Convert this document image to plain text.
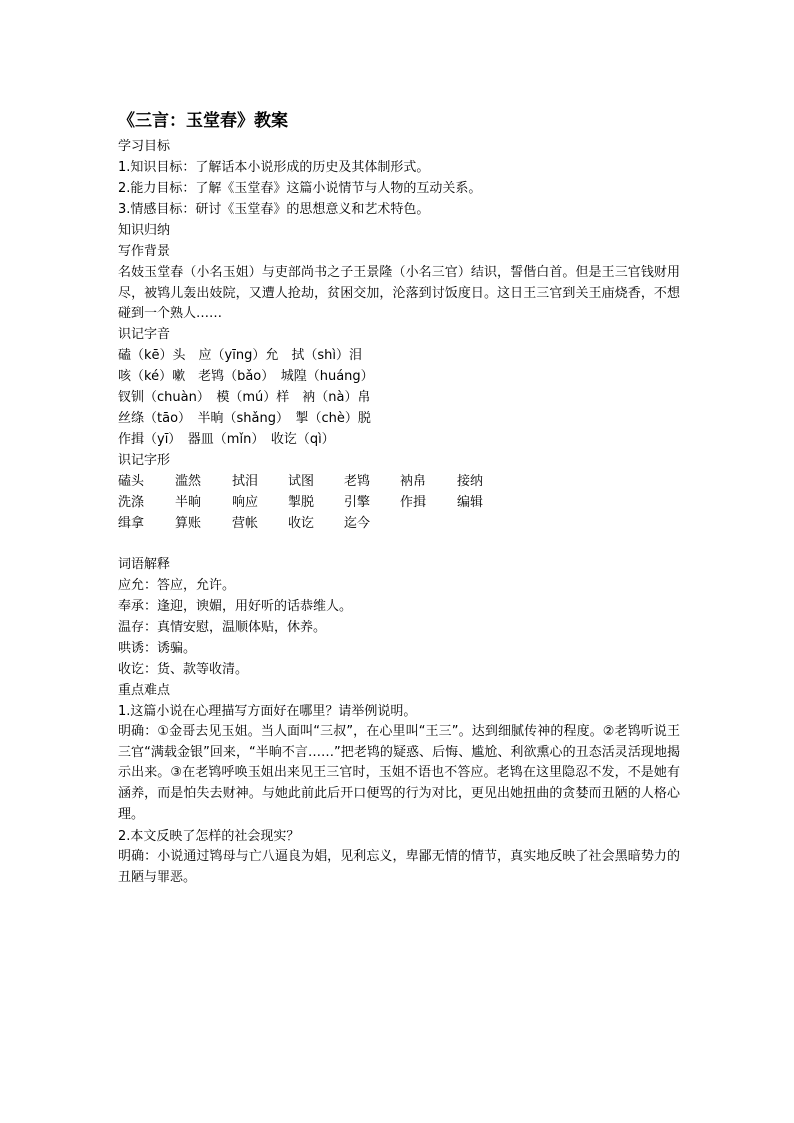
《三言：玉堂春》教案
学习目标
1.知识目标：了解话本小说形成的历史及其体制形式。
2.能力目标：了解《玉堂春》这篇小说情节与人物的互动关系。
3.情感目标：研讨《玉堂春》的思想意义和艺术特色。
知识归纳
写作背景
名妓玉堂春（小名玉姐）与吏部尚书之子王景隆（小名三官）结识，誓偕白首。但是王三官钱财用尽，被鸨儿轰出妓院，又遭人抢劫，贫困交加，沦落到讨饭度日。这日王三官到关王庙烧香，不想碰到一个熟人……
识记字音
磕（kē）头　应（yīng）允　拭（shì）泪
咳（ké）嗽　老鸨（bǎo）　城隍（huáng）
钗钏（chuàn）　模（mú）样　衲（nà）帛
丝绦（tāo）　半晌（shǎng）　掣（chè）脱
作揖（yī）　器皿（mǐn）　收讫（qì）
识记字形
磕头 滥然 拭泪 试图 老鸨 衲帛 接纳
洗涤 半晌 响应 掣脱 引擎 作揖 编辑
缉拿 算账 营帐 收讫 迄今
词语解释
应允：答应，允许。
奉承：逢迎，谀媚，用好听的话恭维人。
温存：真情安慰，温顺体贴，休养。
哄诱：诱骗。
收讫：货、款等收清。
重点难点
1.这篇小说在心理描写方面好在哪里？请举例说明。
明确：①金哥去见玉姐。当人面叫“三叔”，在心里叫“王三”。达到细腻传神的程度。②老鸨听说王三官“满载金银”回来，“半晌不言……”把老鸨的疑惑、后悔、尴尬、利欲熏心的丑态活灵活现地揭示出来。③在老鸨呼唤玉姐出来见王三官时，玉姐不语也不答应。老鸨在这里隐忍不发，不是她有涵养，而是怕失去财神。与她此前此后开口便骂的行为对比，更见出她扭曲的贪婪而丑陋的人格心理。
2.本文反映了怎样的社会现实？
明确：小说通过鸨母与亡八逼良为娼，见利忘义，卑鄙无情的情节，真实地反映了社会黑暗势力的丑陋与罪恶。
